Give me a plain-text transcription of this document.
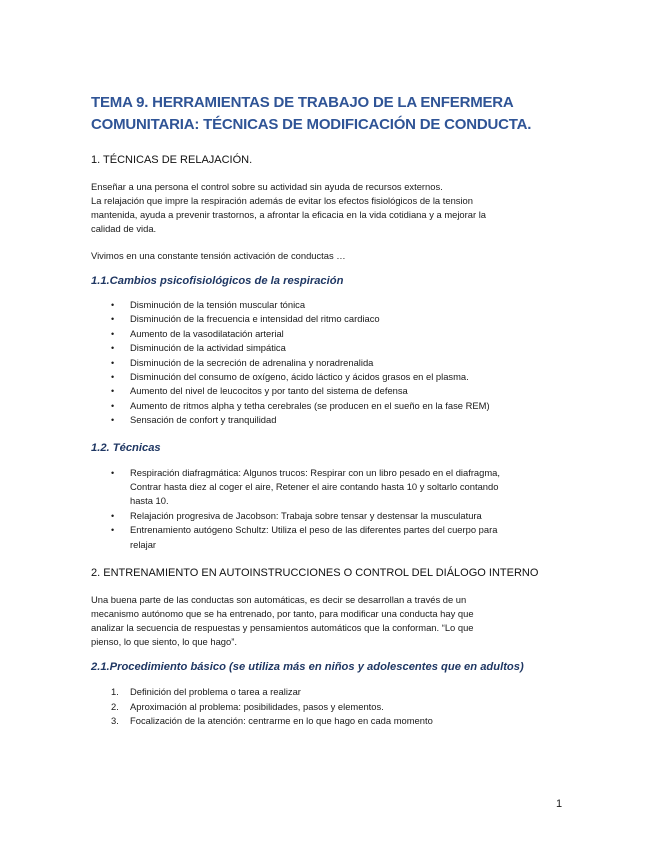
TEMA 9. HERRAMIENTAS DE TRABAJO DE LA ENFERMERA
COMUNITARIA: TÉCNICAS DE MODIFICACIÓN DE CONDUCTA.
1. TÉCNICAS DE RELAJACIÓN.

Enseñar a una persona el control sobre su actividad sin ayuda de recursos externos.
La relajación que impre la respiración además de evitar los efectos fisiológicos de la tension
mantenida, ayuda a prevenir trastornos, a afrontar la eficacia en la vida cotidiana y a mejorar la
calidad de vida.

Vivimos en una constante tensión activación de conductas …

1.1.Cambios psicofisiológicos de la respiración
• Disminución de la tensión muscular tónica
• Disminución de la frecuencia e intensidad del ritmo cardiaco
• Aumento de la vasodilatación arterial
• Disminución de la actividad simpática
• Disminución de la secreción de adrenalina y noradrenalida
• Disminución del consumo de oxígeno, ácido láctico y ácidos grasos en el plasma.
• Aumento del nivel de leucocitos y por tanto del sistema de defensa
• Aumento de ritmos alpha y tetha cerebrales (se producen en el sueño en la fase REM)
• Sensación de confort y tranquilidad
1.2. Técnicas
• Respiración diafragmática: Algunos trucos: Respirar con un libro pesado en el diafragma,
Contrar hasta diez al coger el aire, Retener el aire contando hasta 10 y soltarlo contando
hasta 10.
• Relajación progresiva de Jacobson: Trabaja sobre tensar y destensar la musculatura
• Entrenamiento autógeno Schultz: Utiliza el peso de las diferentes partes del cuerpo para
relajar
2. ENTRENAMIENTO EN AUTOINSTRUCCIONES O CONTROL DEL DIÁLOGO INTERNO

Una buena parte de las conductas son automáticas, es decir se desarrollan a través de un
mecanismo autónomo que se ha entrenado, por tanto, para modificar una conducta hay que
analizar la secuencia de respuestas y pensamientos automáticos que la conforman. “Lo que
pienso, lo que siento, lo que hago”.

2.1.Procedimiento básico (se utiliza más en niños y adolescentes que en adultos)
1. Definición del problema o tarea a realizar
2. Aproximación al problema: posibilidades, pasos y elementos.
3. Focalización de la atención: centrarme en lo que hago en cada momento
1
